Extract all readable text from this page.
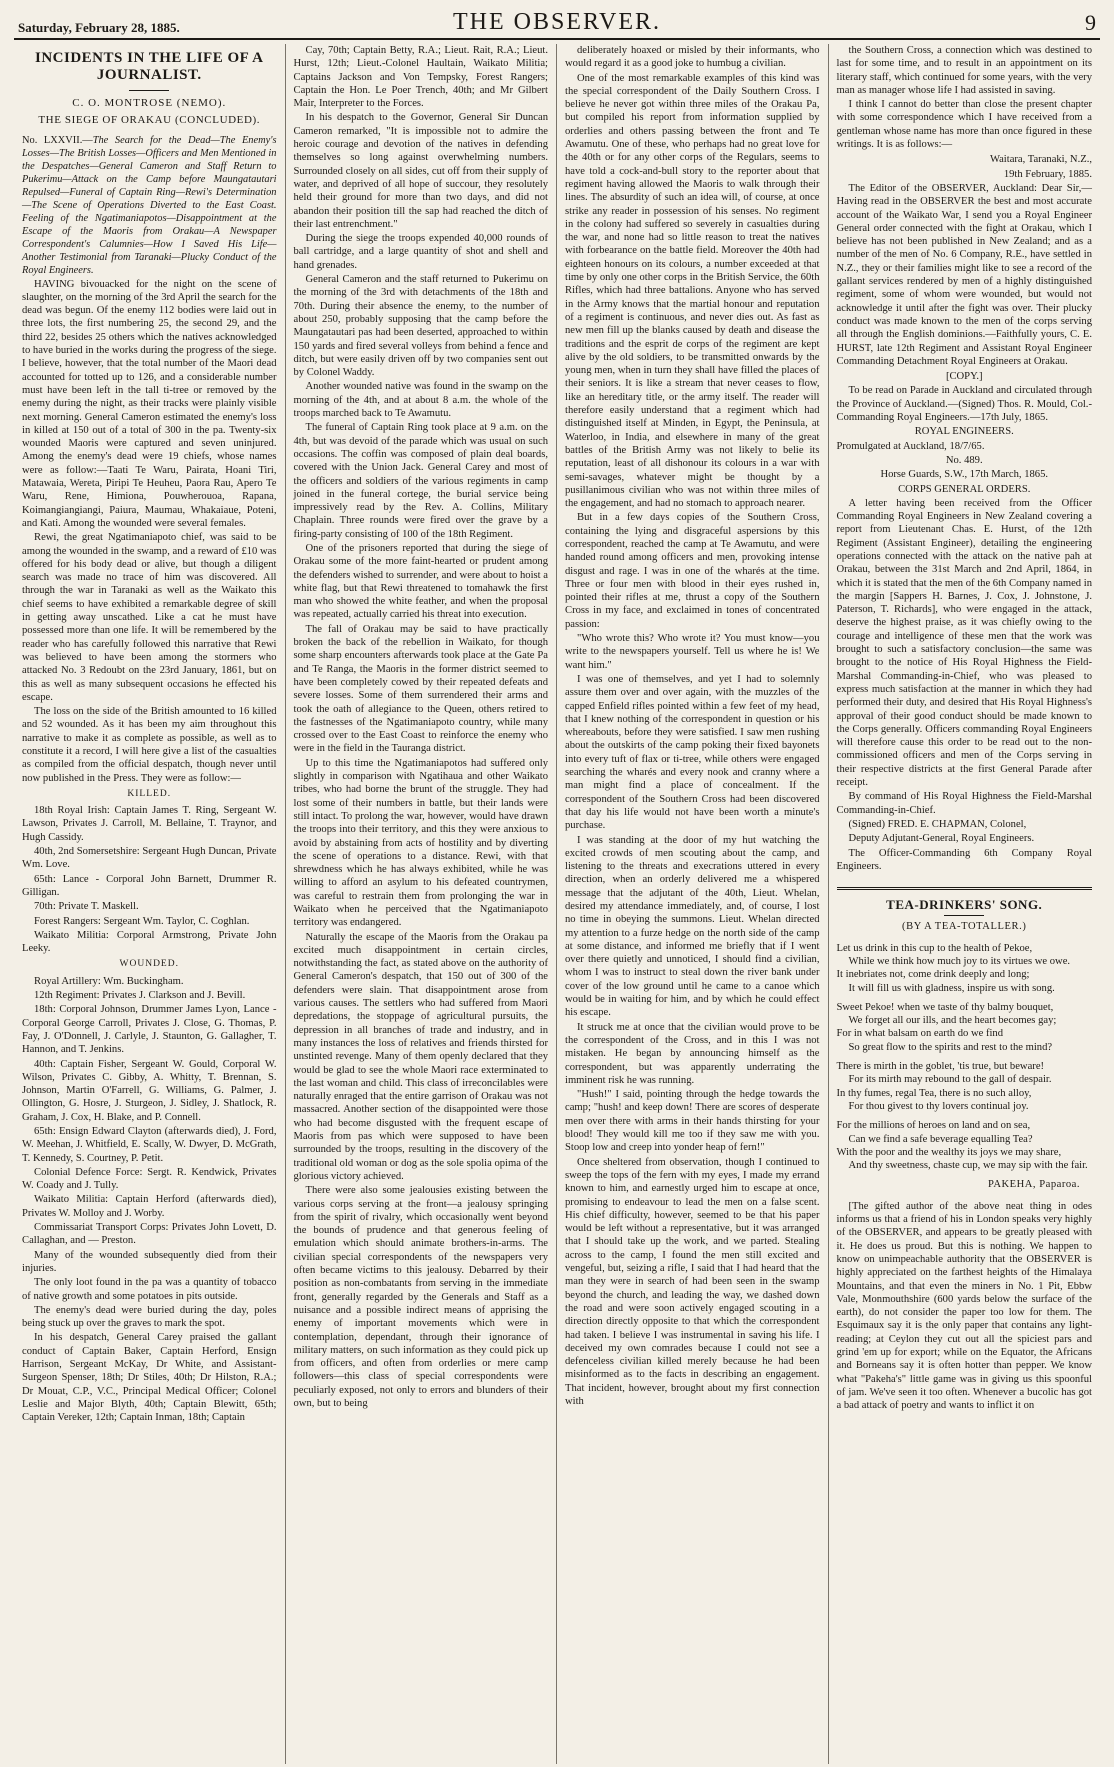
Saturday, February 28, 1885.	THE OBSERVER.	9
INCIDENTS IN THE LIFE OF A JOURNALIST.
C. O. MONTROSE (NEMO).
THE SIEGE OF ORAKAU (CONCLUDED).

No. LXXVII.—The Search for the Dead—The Enemy's Losses—The British Losses—Officers and Men Mentioned in the Despatches—General Cameron and Staff Return to Pukerimu—Attack on the Camp before Maungatautari Repulsed—Funeral of Captain Ring—Rewi's Determination—The Scene of Operations Diverted to the East Coast. Feeling of the Ngatimaniapotos—Disappointment at the Escape of the Maoris from Orakau—A Newspaper Correspondent's Calumnies—How I Saved His Life—Another Testimonial from Taranaki—Plucky Conduct of the Royal Engineers.

HAVING bivouacked for the night on the scene of slaughter, on the morning of the 3rd April the search for the dead was begun. Of the enemy 112 bodies were laid out in three lots, the first numbering 25, the second 29, and the third 22, besides 25 others which the natives acknowledged to have buried in the works during the progress of the siege. I believe, however, that the total number of the Maori dead accounted for totted up to 126, and a considerable number must have been left in the tall ti-tree or removed by the enemy during the night, as their tracks were plainly visible next morning. General Cameron estimated the enemy's loss in killed at 150 out of a total of 300 in the pa. Twenty-six wounded Maoris were captured and seven uninjured. Among the enemy's dead were 19 chiefs, whose names were as follow:—Taati Te Waru, Pairata, Hoani Tiri, Matawaia, Wereta, Piripi Te Heuheu, Paora Rau, Apero Te Waru, Rene, Himiona, Pouwherouoa, Rapana, Koimangiangiangi, Paiura, Maumau, Whakaiaue, Poteni, and Kati. Among the wounded were several females.

Rewi, the great Ngatimaniapoto chief, was said to be among the wounded in the swamp, and a reward of £10 was offered for his body dead or alive, but though a diligent search was made no trace of him was discovered. All through the war in Taranaki as well as the Waikato this chief seems to have exhibited a remarkable degree of skill in getting away unscathed. Like a cat he must have possessed more than one life. It will be remembered by the reader who has carefully followed this narrative that Rewi was believed to have been among the stormers who attacked No. 3 Redoubt on the 23rd January, 1861, but on this as well as many subsequent occasions he effected his escape.

The loss on the side of the British amounted to 16 killed and 52 wounded. As it has been my aim throughout this narrative to make it as complete as possible, as well as to constitute it a record, I will here give a list of the casualties as compiled from the official despatch, though never until now published in the Press. They were as follow:—

KILLED.

18th Royal Irish: Captain James T. Ring, Sergeant W. Lawson, Privates J. Carroll, M. Bellaine, T. Traynor, and Hugh Cassidy.

40th, 2nd Somersetshire: Sergeant Hugh Duncan, Private Wm. Love.

65th: Lance - Corporal John Barnett, Drummer R. Gilligan.

70th: Private T. Maskell.

Forest Rangers: Sergeant Wm. Taylor, C. Coghlan.

Waikato Militia: Corporal Armstrong, Private John Leeky.

WOUNDED.

Royal Artillery: Wm. Buckingham.

12th Regiment: Privates J. Clarkson and J. Bevill.

18th: Corporal Johnson, Drummer James Lyon, Lance - Corporal George Carroll, Privates J. Close, G. Thomas, P. Fay, J. O'Donnell, J. Carlyle, J. Staunton, G. Gallagher, T. Hannon, and T. Jenkins.

40th: Captain Fisher, Sergeant W. Gould, Corporal W. Wilson, Privates C. Gibby, A. Whitty, T. Brennan, S. Johnson, Martin O'Farrell, G. Williams, G. Palmer, J. Ollington, G. Hosre, J. Sturgeon, J. Sidley, J. Shatlock, R. Graham, J. Cox, H. Blake, and P. Connell.

65th: Ensign Edward Clayton (afterwards died), J. Ford, W. Meehan, J. Whitfield, E. Scally, W. Dwyer, D. McGrath, T. Kennedy, S. Courtney, P. Petit.

Colonial Defence Force: Sergt. R. Kendwick, Privates W. Coady and J. Tully.

Waikato Militia: Captain Herford (afterwards died), Privates W. Molloy and J. Worby.

Commissariat Transport Corps: Privates John Lovett, D. Callaghan, and — Preston.

Many of the wounded subsequently died from their injuries.

The only loot found in the pa was a quantity of tobacco of native growth and some potatoes in pits outside.

The enemy's dead were buried during the day, poles being stuck up over the graves to mark the spot.

In his despatch, General Carey praised the gallant conduct of Captain Baker, Captain Herford, Ensign Harrison, Sergeant McKay, Dr White, and Assistant-Surgeon Spenser, 18th; Dr Stiles, 40th; Dr Hilston, R.A.; Dr Mouat, C.P., V.C., Principal Medical Officer; Colonel Leslie and Major Blyth, 40th; Captain Blewitt, 65th; Captain Vereker, 12th; Captain Inman, 18th; Captain

Cay, 70th; Captain Betty, R.A.; Lieut. Rait, R.A.; Lieut. Hurst, 12th; Lieut.-Colonel Haultain, Waikato Militia; Captains Jackson and Von Tempsky, Forest Rangers; Captain the Hon. Le Poer Trench, 40th; and Mr Gilbert Mair, Interpreter to the Forces.

In his despatch to the Governor, General Sir Duncan Cameron remarked, "It is impossible not to admire the heroic courage and devotion of the natives in defending themselves so long against overwhelming numbers. Surrounded closely on all sides, cut off from their supply of water, and deprived of all hope of succour, they resolutely held their ground for more than two days, and did not abandon their position till the sap had reached the ditch of their last entrenchment."

During the siege the troops expended 40,000 rounds of ball cartridge, and a large quantity of shot and shell and hand grenades.

General Cameron and the staff returned to Pukerimu on the morning of the 3rd with detachments of the 18th and 70th. During their absence the enemy, to the number of about 250, probably supposing that the camp before the Maungatautari pas had been deserted, approached to within 150 yards and fired several volleys from behind a fence and ditch, but were easily driven off by two companies sent out by Colonel Waddy.

Another wounded native was found in the swamp on the morning of the 4th, and at about 8 a.m. the whole of the troops marched back to Te Awamutu.

The funeral of Captain Ring took place at 9 a.m. on the 4th, but was devoid of the parade which was usual on such occasions. The coffin was composed of plain deal boards, covered with the Union Jack. General Carey and most of the officers and soldiers of the various regiments in camp joined in the funeral cortege, the burial service being impressively read by the Rev. A. Collins, Military Chaplain. Three rounds were fired over the grave by a firing-party consisting of 100 of the 18th Regiment.

One of the prisoners reported that during the siege of Orakau some of the more faint-hearted or prudent among the defenders wished to surrender, and were about to hoist a white flag, but that Rewi threatened to tomahawk the first man who showed the white feather, and when the proposal was repeated, actually carried his threat into execution.

The fall of Orakau may be said to have practically broken the back of the rebellion in Waikato, for though some sharp encounters afterwards took place at the Gate Pa and Te Ranga, the Maoris in the former district seemed to have been completely cowed by their repeated defeats and severe losses. Some of them surrendered their arms and took the oath of allegiance to the Queen, others retired to the fastnesses of the Ngatimaniapoto country, while many crossed over to the East Coast to reinforce the enemy who were in the field in the Tauranga district.

Up to this time the Ngatimaniapotos had suffered only slightly in comparison with Ngatihaua and other Waikato tribes, who had borne the brunt of the struggle. They had lost some of their numbers in battle, but their lands were still intact. To prolong the war, however, would have drawn the troops into their territory, and this they were anxious to avoid by abstaining from acts of hostility and by diverting the scene of operations to a distance. Rewi, with that shrewdness which he has always exhibited, while he was willing to afford an asylum to his defeated countrymen, was careful to restrain them from prolonging the war in Waikato when he perceived that the Ngatimaniapoto territory was endangered.

Naturally the escape of the Maoris from the Orakau pa excited much disappointment in certain circles, notwithstanding the fact, as stated above on the authority of General Cameron's despatch, that 150 out of 300 of the defenders were slain. That disappointment arose from various causes. The settlers who had suffered from Maori depredations, the stoppage of agricultural pursuits, the depression in all branches of trade and industry, and in many instances the loss of relatives and friends thirsted for unstinted revenge. Many of them openly declared that they would be glad to see the whole Maori race exterminated to the last woman and child. This class of irreconcilables were naturally enraged that the entire garrison of Orakau was not massacred. Another section of the disappointed were those who had become disgusted with the frequent escape of Maoris from pas which were supposed to have been surrounded by the troops, resulting in the discovery of the traditional old woman or dog as the sole spolia opima of the glorious victory achieved.

There were also some jealousies existing between the various corps serving at the front—a jealousy springing from the spirit of rivalry, which occasionally went beyond the bounds of prudence and that generous feeling of emulation which should animate brothers-in-arms. The civilian special correspondents of the newspapers very often became victims to this jealousy. Debarred by their position as non-combatants from serving in the immediate front, generally regarded by the Generals and Staff as a nuisance and a possible indirect means of apprising the enemy of important movements which were in contemplation, dependant, through their ignorance of military matters, on such information as they could pick up from officers, and often from orderlies or mere camp followers—this class of special correspondents were peculiarly exposed, not only to errors and blunders of their own, but to being

deliberately hoaxed or misled by their informants, who would regard it as a good joke to humbug a civilian.

One of the most remarkable examples of this kind was the special correspondent of the Daily Southern Cross. I believe he never got within three miles of the Orakau Pa, but compiled his report from information supplied by orderlies and others passing between the front and Te Awamutu. One of these, who perhaps had no great love for the 40th or for any other corps of the Regulars, seems to have told a cock-and-bull story to the reporter about that regiment having allowed the Maoris to walk through their lines. The absurdity of such an idea will, of course, at once strike any reader in possession of his senses. No regiment in the colony had suffered so severely in casualties during the war, and none had so little reason to treat the natives with forbearance on the battle field. Moreover the 40th had eighteen honours on its colours, a number exceeded at that time by only one other corps in the British Service, the 60th Rifles, which had three battalions. Anyone who has served in the Army knows that the martial honour and reputation of a regiment is continuous, and never dies out. As fast as new men fill up the blanks caused by death and disease the traditions and the esprit de corps of the regiment are kept alive by the old soldiers, to be transmitted onwards by the young men, when in turn they shall have filled the places of their seniors. It is like a stream that never ceases to flow, like an hereditary title, or the army itself. The reader will therefore easily understand that a regiment which had distinguished itself at Minden, in Egypt, the Peninsula, at Waterloo, in India, and elsewhere in many of the great battles of the British Army was not likely to belie its reputation, least of all dishonour its colours in a war with semi-savages, whatever might be thought by a pusillanimous civilian who was not within three miles of the engagement, and had no stomach to approach nearer.

But in a few days copies of the Southern Cross, containing the lying and disgraceful aspersions by this correspondent, reached the camp at Te Awamutu, and were handed round among officers and men, provoking intense disgust and rage. I was in one of the wharés at the time. Three or four men with blood in their eyes rushed in, pointed their rifles at me, thrust a copy of the Southern Cross in my face, and exclaimed in tones of concentrated passion:

"Who wrote this? Who wrote it? You must know—you write to the newspapers yourself. Tell us where he is! We want him."

I was one of themselves, and yet I had to solemnly assure them over and over again, with the muzzles of the capped Enfield rifles pointed within a few feet of my head, that I knew nothing of the correspondent in question or his whereabouts, before they were satisfied. I saw men rushing about the outskirts of the camp poking their fixed bayonets into every tuft of flax or ti-tree, while others were engaged searching the wharés and every nook and cranny where a man might find a place of concealment. If the correspondent of the Southern Cross had been discovered that day his life would not have been worth a minute's purchase.

I was standing at the door of my hut watching the excited crowds of men scouting about the camp, and listening to the threats and execrations uttered in every direction, when an orderly delivered me a whispered message that the adjutant of the 40th, Lieut. Whelan, desired my attendance immediately, and, of course, I lost no time in obeying the summons. Lieut. Whelan directed my attention to a furze hedge on the north side of the camp at some distance, and informed me briefly that if I went over there quietly and unnoticed, I should find a civilian, whom I was to instruct to steal down the river bank under cover of the low ground until he came to a canoe which would be in waiting for him, and by which he could effect his escape.

It struck me at once that the civilian would prove to be the correspondent of the Cross, and in this I was not mistaken. He began by announcing himself as the correspondent, but was apparently underrating the imminent risk he was running.

"Hush!" I said, pointing through the hedge towards the camp; "hush! and keep down! There are scores of desperate men over there with arms in their hands thirsting for your blood! They would kill me too if they saw me with you. Stoop low and creep into yonder heap of fern!"

Once sheltered from observation, though I continued to sweep the tops of the fern with my eyes, I made my errand known to him, and earnestly urged him to escape at once, promising to endeavour to lead the men on a false scent. His chief difficulty, however, seemed to be that his paper would be left without a representative, but it was arranged that I should take up the work, and we parted. Stealing across to the camp, I found the men still excited and vengeful, but, seizing a rifle, I said that I had heard that the man they were in search of had been seen in the swamp beyond the church, and leading the way, we dashed down the road and were soon actively engaged scouting in a direction directly opposite to that which the correspondent had taken. I believe I was instrumental in saving his life. I deceived my own comrades because I could not see a defenceless civilian killed merely because he had been misinformed as to the facts in describing an engagement. That incident, however, brought about my first connection with

the Southern Cross, a connection which was destined to last for some time, and to result in an appointment on its literary staff, which continued for some years, with the very man as manager whose life I had assisted in saving.

I think I cannot do better than close the present chapter with some correspondence which I have received from a gentleman whose name has more than once figured in these writings. It is as follows:—

Waitara, Taranaki, N.Z.,

19th February, 1885.

The Editor of the OBSERVER, Auckland: Dear Sir,—Having read in the OBSERVER the best and most accurate account of the Waikato War, I send you a Royal Engineer General order connected with the fight at Orakau, which I believe has not been published in New Zealand; and as a number of the men of No. 6 Company, R.E., have settled in N.Z., they or their families might like to see a record of the gallant services rendered by men of a highly distinguished regiment, some of whom were wounded, but would not acknowledge it until after the fight was over. Their plucky conduct was made known to the men of the corps serving all through the English dominions.—Faithfully yours, C. E. HURST, late 12th Regiment and Assistant Royal Engineer Commanding Detachment Royal Engineers at Orakau.

[COPY.]

To be read on Parade in Auckland and circulated through the Province of Auckland.—(Signed) Thos. R. Mould, Col.-Commanding Royal Engineers.—17th July, 1865.

ROYAL ENGINEERS.

Promulgated at Auckland, 18/7/65.

No. 489.

Horse Guards, S.W., 17th March, 1865.

CORPS GENERAL ORDERS.

A letter having been received from the Officer Commanding Royal Engineers in New Zealand covering a report from Lieutenant Chas. E. Hurst, of the 12th Regiment (Assistant Engineer), detailing the engineering operations connected with the attack on the native pah at Orakau, between the 31st March and 2nd April, 1864, in which it is stated that the men of the 6th Company named in the margin [Sappers H. Barnes, J. Cox, J. Johnstone, J. Paterson, T. Richards], who were engaged in the attack, deserve the highest praise, as it was chiefly owing to the courage and intelligence of these men that the work was brought to such a satisfactory conclusion—the same was brought to the notice of His Royal Highness the Field-Marshal Commanding-in-Chief, who was pleased to express much satisfaction at the manner in which they had performed their duty, and desired that His Royal Highness's approval of their good conduct should be made known to the Corps generally. Officers commanding Royal Engineers will therefore cause this order to be read out to the non-commissioned officers and men of the Corps serving in their respective districts at the first General Parade after receipt.

By command of His Royal Highness the Field-Marshal Commanding-in-Chief.

(Signed) FRED. E. CHAPMAN, Colonel,

Deputy Adjutant-General, Royal Engineers.

The Officer-Commanding 6th Company Royal Engineers.

TEA-DRINKERS' SONG.
(BY A TEA-TOTALLER.)

Let us drink in this cup to the health of Pekoe,

While we think how much joy to its virtues we owe.

It inebriates not, come drink deeply and long;

It will fill us with gladness, inspire us with song.

Sweet Pekoe! when we taste of thy balmy bouquet,

We forget all our ills, and the heart becomes gay;

For in what balsam on earth do we find

So great flow to the spirits and rest to the mind?

There is mirth in the goblet, 'tis true, but beware!

For its mirth may rebound to the gall of despair.

In thy fumes, regal Tea, there is no such alloy,

For thou givest to thy lovers continual joy.

For the millions of heroes on land and on sea,

Can we find a safe beverage equalling Tea?

With the poor and the wealthy its joys we may share,

And thy sweetness, chaste cup, we may sip with the fair.

PAKEHA, Paparoa.

[The gifted author of the above neat thing in odes informs us that a friend of his in London speaks very highly of the OBSERVER, and appears to be greatly pleased with it. He does us proud. But this is nothing. We happen to know on unimpeachable authority that the OBSERVER is highly appreciated on the farthest heights of the Himalaya Mountains, and that even the miners in No. 1 Pit, Ebbw Vale, Monmouthshire (600 yards below the surface of the earth), do not consider the paper too low for them. The Esquimaux say it is the only paper that contains any light-reading; at Ceylon they cut out all the spiciest pars and grind 'em up for export; while on the Equator, the Africans and Borneans say it is often hotter than pepper. We know what "Pakeha's" little game was in giving us this spoonful of jam. We've seen it too often. Whenever a bucolic has got a bad attack of poetry and wants to inflict it on
